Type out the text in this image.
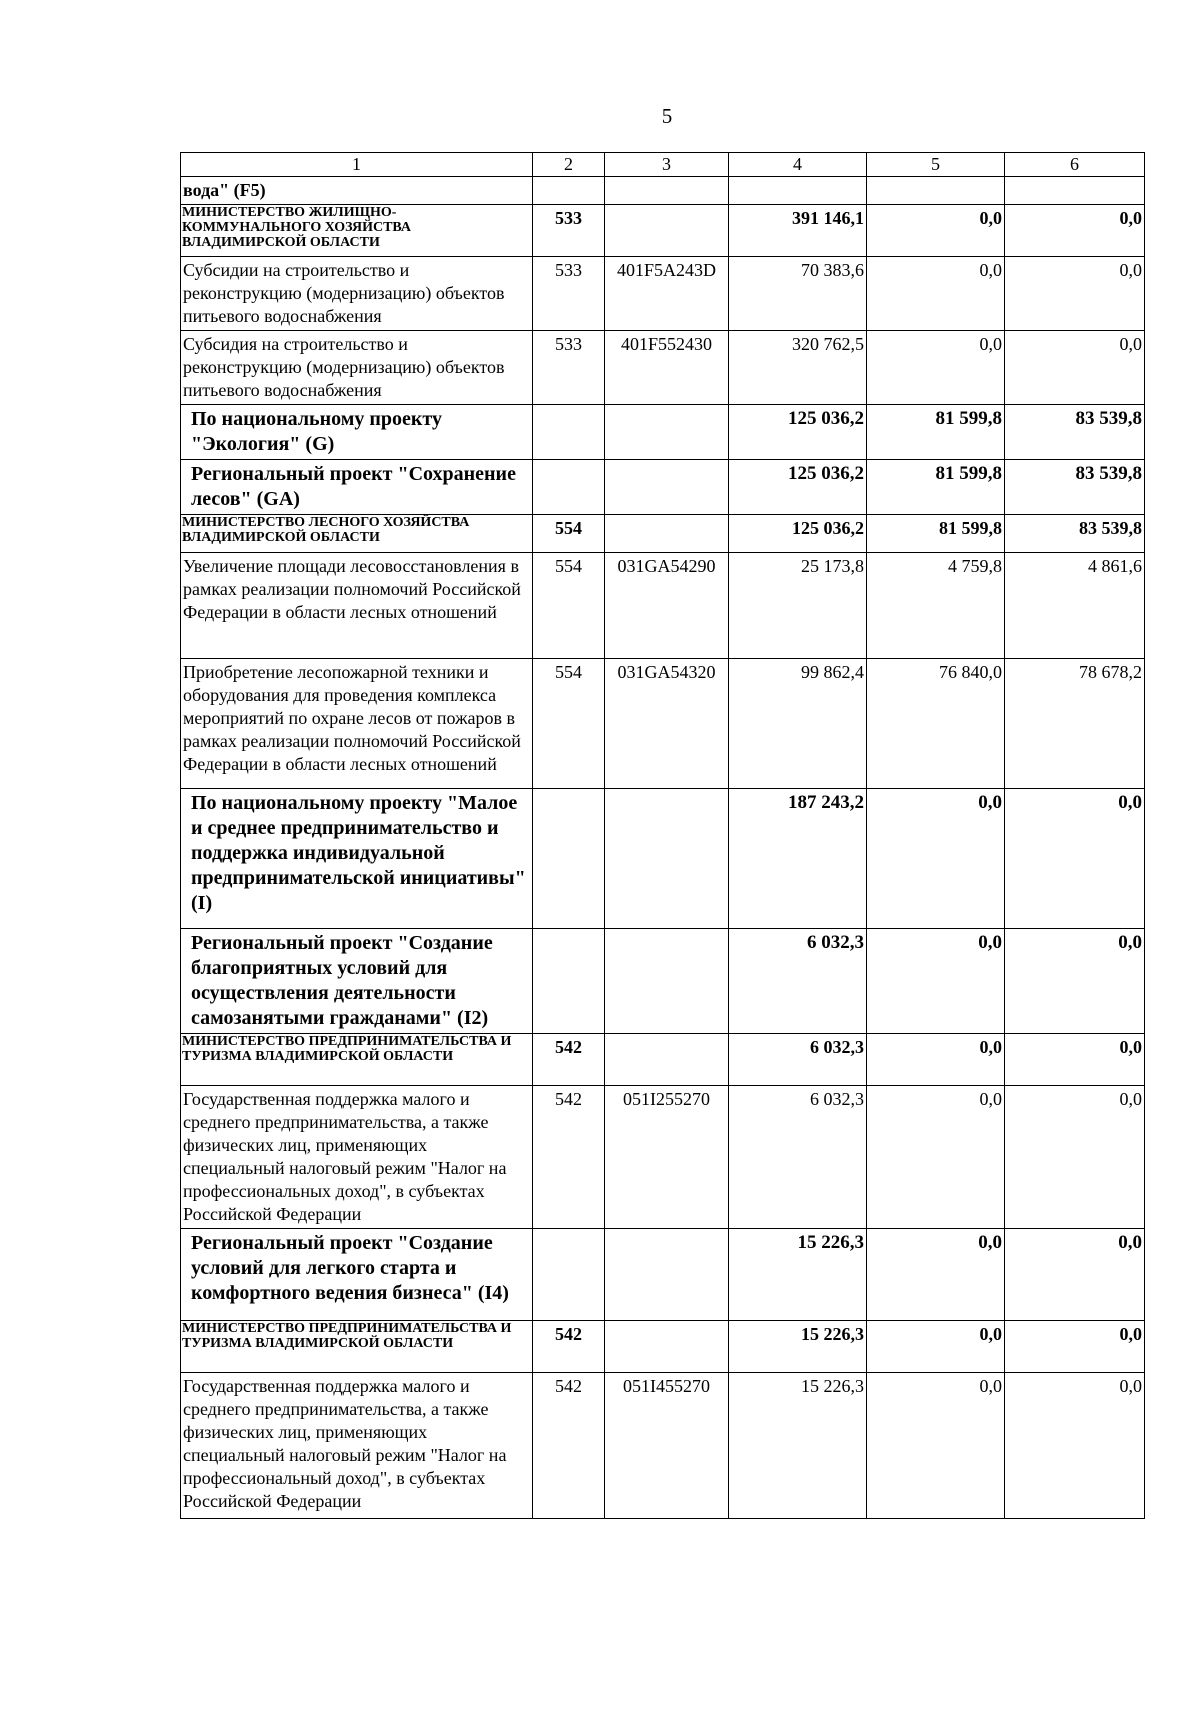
5
1	2	3	4	5	6
вода" (F5)					
МИНИСТЕРСТВО ЖИЛИЩНО-КОММУНАЛЬНОГО ХОЗЯЙСТВА ВЛАДИМИРСКОЙ ОБЛАСТИ	533		391 146,1	0,0	0,0
Субсидии на строительство и реконструкцию (модернизацию) объектов питьевого водоснабжения	533	401F5A243D	70 383,6	0,0	0,0
Субсидия на строительство и реконструкцию (модернизацию) объектов питьевого водоснабжения	533	401F552430	320 762,5	0,0	0,0
По национальному проекту "Экология" (G)			125 036,2	81 599,8	83 539,8
Региональный проект "Сохранение лесов" (GA)			125 036,2	81 599,8	83 539,8
МИНИСТЕРСТВО ЛЕСНОГО ХОЗЯЙСТВА ВЛАДИМИРСКОЙ ОБЛАСТИ	554		125 036,2	81 599,8	83 539,8
Увеличение площади лесовосстановления в рамках реализации полномочий Российской Федерации в области лесных отношений	554	031GA54290	25 173,8	4 759,8	4 861,6
Приобретение лесопожарной техники и оборудования для проведения комплекса мероприятий по охране лесов от пожаров в рамках реализации полномочий Российской Федерации в области лесных отношений	554	031GA54320	99 862,4	76 840,0	78 678,2
По национальному проекту "Малое и среднее предпринимательство и поддержка индивидуальной предпринимательской инициативы" (I)			187 243,2	0,0	0,0
Региональный проект "Создание благоприятных условий для осуществления деятельности самозанятыми гражданами" (I2)			6 032,3	0,0	0,0
МИНИСТЕРСТВО ПРЕДПРИНИМАТЕЛЬСТВА И ТУРИЗМА ВЛАДИМИРСКОЙ ОБЛАСТИ	542		6 032,3	0,0	0,0
Государственная поддержка малого и среднего предпринимательства, а также физических лиц, применяющих специальный налоговый режим "Налог на профессиональных доход", в субъектах Российской Федерации	542	051I255270	6 032,3	0,0	0,0
Региональный проект "Создание условий для легкого старта и комфортного ведения бизнеса" (I4)			15 226,3	0,0	0,0
МИНИСТЕРСТВО ПРЕДПРИНИМАТЕЛЬСТВА И ТУРИЗМА ВЛАДИМИРСКОЙ ОБЛАСТИ	542		15 226,3	0,0	0,0
Государственная поддержка малого и среднего предпринимательства, а также физических лиц, применяющих специальный налоговый режим "Налог на профессиональный доход", в субъектах Российской Федерации	542	051I455270	15 226,3	0,0	0,0
